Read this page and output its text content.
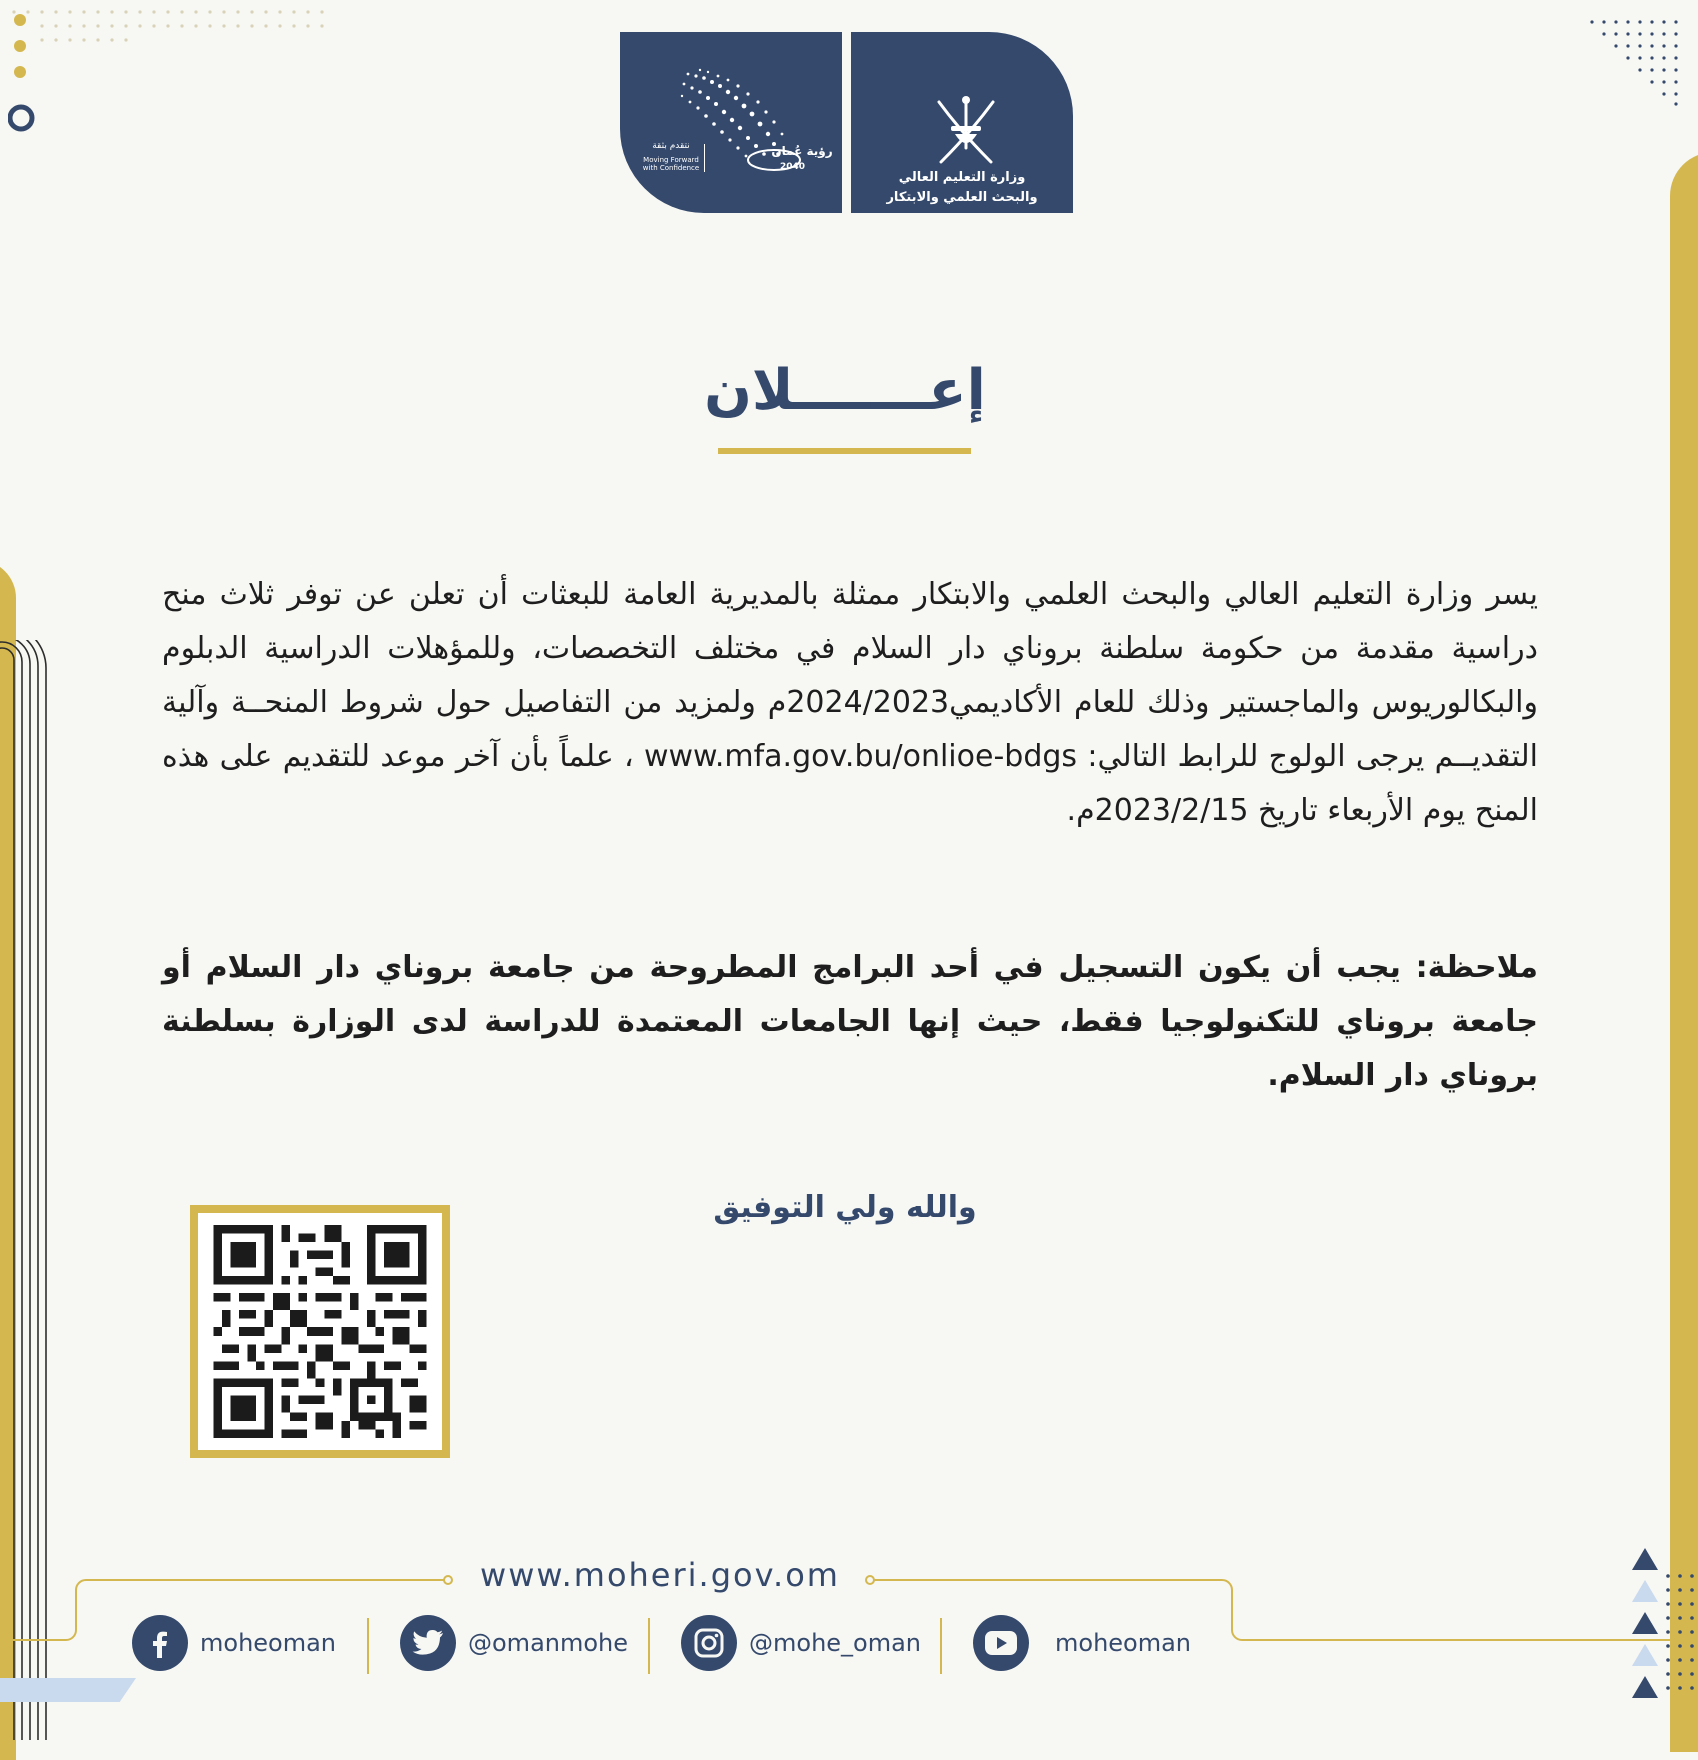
رؤية عُمان
2040
نتقدم بثقة
Moving Forward
with Confidence
وزارة التعليم العالي
والبحث العلمي والابتكار
إعـــــــلان
يسر وزارة التعليم العالي والبحث العلمي والابتكار ممثلة بالمديرية العامة للبعثات أن تعلن عن توفر ثلاث منح دراسية مقدمة من حكومة سلطنة بروناي دار السلام في مختلف التخصصات، وللمؤهلات الدراسية الدبلوم والبكالوريوس والماجستير وذلك للعام الأكاديمي2024/2023م ولمزيد من التفاصيل حول شروط المنحــة وآلية التقديــم يرجى الولوج للرابط التالي: www.mfa.gov.bu/onlioe-bdgs ، علماً بأن آخر موعد للتقديم على هذه المنح يوم الأربعاء تاريخ 2023/2/15م.
ملاحظة: يجب أن يكون التسجيل في أحد البرامج المطروحة من جامعة بروناي دار السلام أو جامعة بروناي للتكنولوجيا فقط، حيث إنها الجامعات المعتمدة للدراسة لدى الوزارة بسلطنة بروناي دار السلام.
والله ولي التوفيق
www.moheri.gov.om
moheoman	@omanmohe	@mohe_oman	moheoman
